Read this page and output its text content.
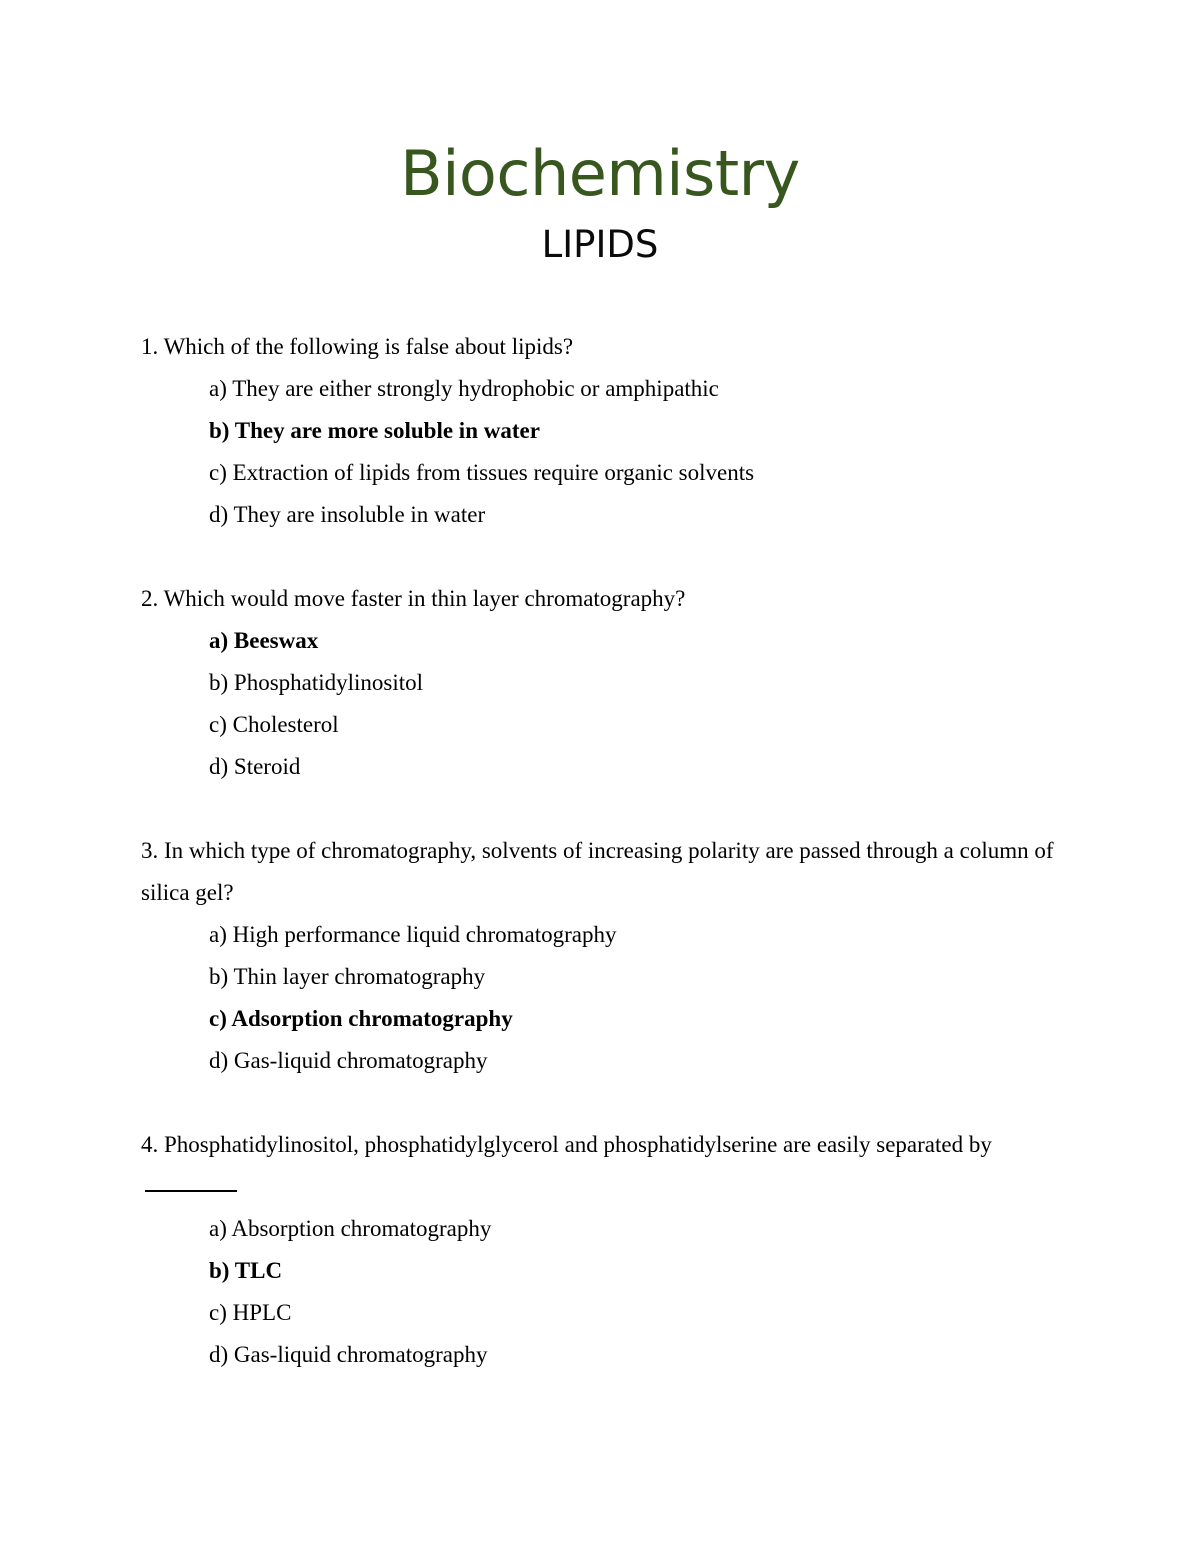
Biochemistry
LIPIDS

1. Which of the following is false about lipids?

a) They are either strongly hydrophobic or amphipathic
b) They are more soluble in water
c) Extraction of lipids from tissues require organic solvents
d) They are insoluble in water

2. Which would move faster in thin layer chromatography?

a) Beeswax
b) Phosphatidylinositol
c) Cholesterol
d) Steroid

3. In which type of chromatography, solvents of increasing polarity are passed through a column of silica gel?

a) High performance liquid chromatography
b) Thin layer chromatography
c) Adsorption chromatography
d) Gas-liquid chromatography

4. Phosphatidylinositol, phosphatidylglycerol and phosphatidylserine are easily separated by

a) Absorption chromatography
b) TLC
c) HPLC
d) Gas-liquid chromatography
